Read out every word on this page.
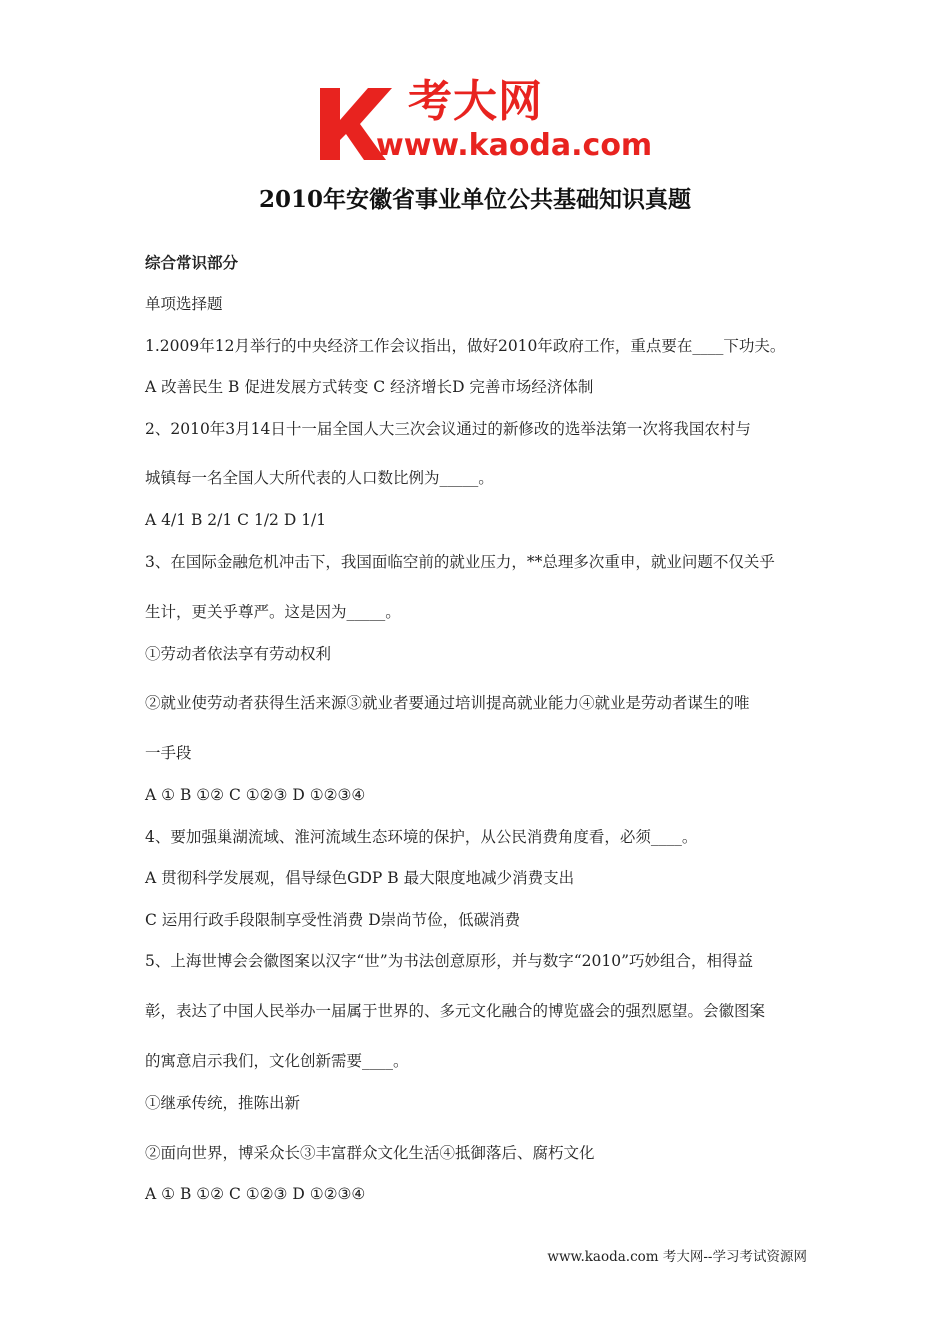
考大网
www.kaoda.com
2010年安徽省事业单位公共基础知识真题
综合常识部分
单项选择题
1.2009年12月举行的中央经济工作会议指出，做好2010年政府工作，重点要在____下功夫。
A 改善民生 B 促进发展方式转变 C 经济增长D 完善市场经济体制
2、2010年3月14日十一届全国人大三次会议通过的新修改的选举法第一次将我国农村与
城镇每一名全国人大所代表的人口数比例为_____。
A 4/1 B 2/1 C 1/2 D 1/1
3、在国际金融危机冲击下，我国面临空前的就业压力，**总理多次重申，就业问题不仅关乎
生计，更关乎尊严。这是因为_____。
①劳动者依法享有劳动权利
②就业使劳动者获得生活来源③就业者要通过培训提高就业能力④就业是劳动者谋生的唯
一手段
A ① B ①② C ①②③ D ①②③④
4、要加强巢湖流域、淮河流域生态环境的保护，从公民消费角度看，必须____。
A 贯彻科学发展观，倡导绿色GDP B 最大限度地减少消费支出
C 运用行政手段限制享受性消费 D崇尚节俭，低碳消费
5、上海世博会会徽图案以汉字“世”为书法创意原形，并与数字“2010”巧妙组合，相得益
彰，表达了中国人民举办一届属于世界的、多元文化融合的博览盛会的强烈愿望。会徽图案
的寓意启示我们，文化创新需要____。
①继承传统，推陈出新
②面向世界，博采众长③丰富群众文化生活④抵御落后、腐朽文化
A ① B ①② C ①②③ D ①②③④
www.kaoda.com 考大网--学习考试资源网
